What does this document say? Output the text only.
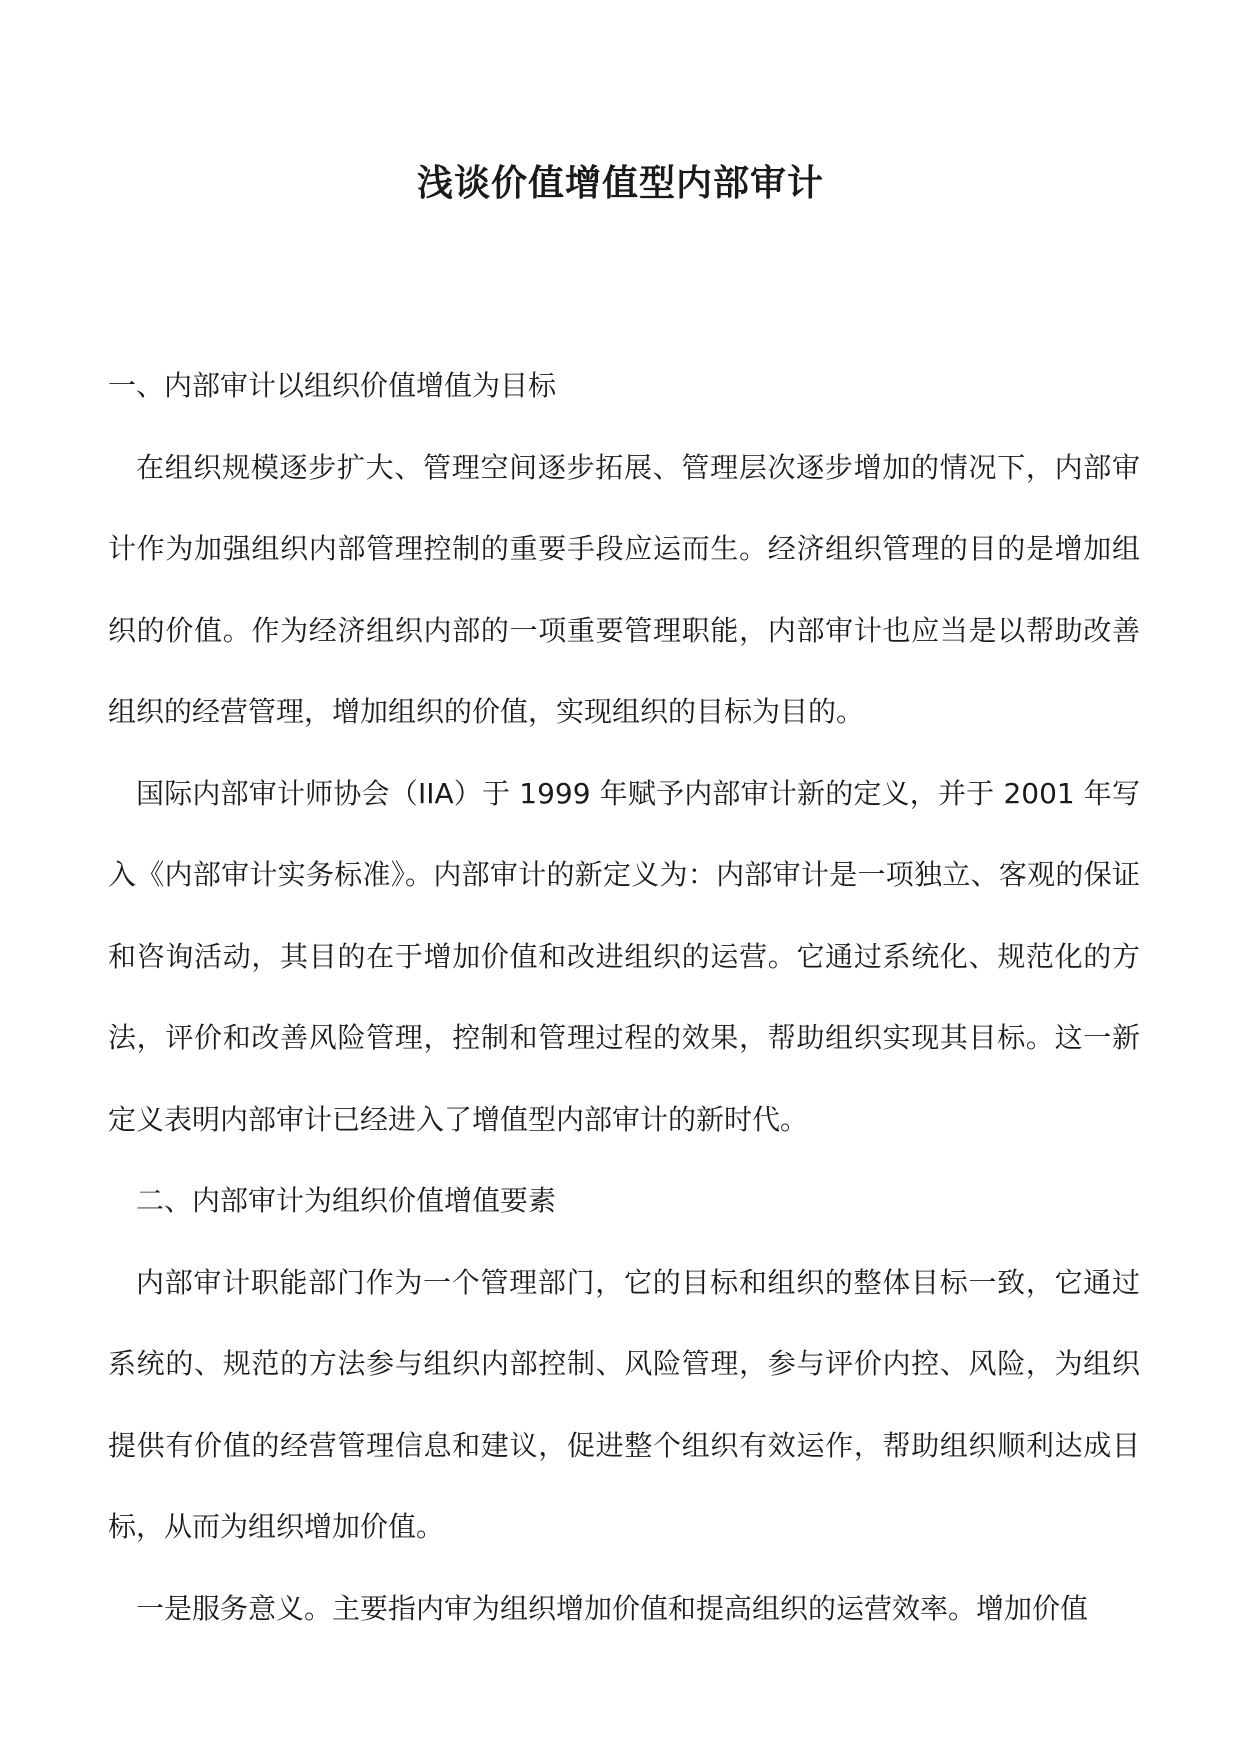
浅谈价值增值型内部审计

一、内部审计以组织价值增值为目标

在组织规模逐步扩大、管理空间逐步拓展、管理层次逐步增加的情况下，内部审计作为加强组织内部管理控制的重要手段应运而生。经济组织管理的目的是增加组织的价值。作为经济组织内部的一项重要管理职能，内部审计也应当是以帮助改善组织的经营管理，增加组织的价值，实现组织的目标为目的。

国际内部审计师协会（IIA）于 1999 年赋予内部审计新的定义，并于 2001 年写入《内部审计实务标准》。内部审计的新定义为：内部审计是一项独立、客观的保证和咨询活动，其目的在于增加价值和改进组织的运营。它通过系统化、规范化的方法，评价和改善风险管理，控制和管理过程的效果，帮助组织实现其目标。这一新定义表明内部审计已经进入了增值型内部审计的新时代。

二、内部审计为组织价值增值要素

内部审计职能部门作为一个管理部门，它的目标和组织的整体目标一致，它通过系统的、规范的方法参与组织内部控制、风险管理，参与评价内控、风险，为组织提供有价值的经营管理信息和建议，促进整个组织有效运作，帮助组织顺利达成目标，从而为组织增加价值。

一是服务意义。主要指内审为组织增加价值和提高组织的运营效率。增加价值
